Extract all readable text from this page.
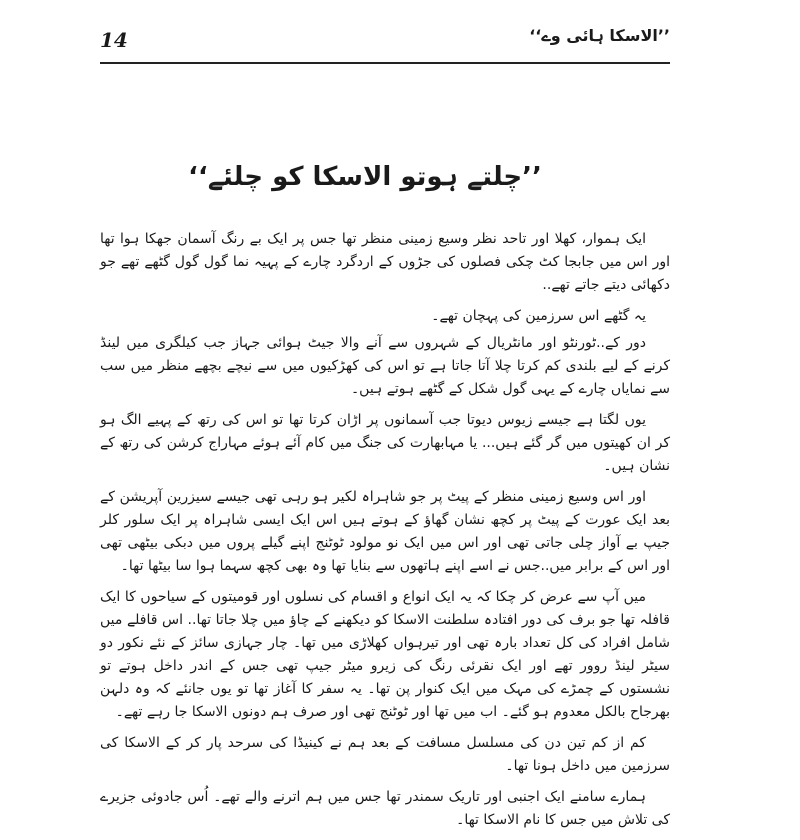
14	’’الاسکا ہائی وے‘‘
’’چلتے ہوتو الاسکا کو چلئے‘‘

ایک ہموار، کھلا اور تاحد نظر وسیع زمینی منظر تھا جس پر ایک بے رنگ آسمان جھکا ہوا تھا اور اس میں جابجا کٹ چکی فصلوں کی جڑوں کے اردگرد چارے کے پہیہ نما گول گول گٹھے تھے جو دکھائی دیتے جاتے تھے..

یہ گٹھے اس سرزمین کی پہچان تھے۔

دور کے..ٹورنٹو اور مانٹریال کے شہروں سے آنے والا جیٹ ہوائی جہاز جب کیلگری میں لینڈ کرنے کے لیے بلندی کم کرتا چلا آتا جاتا ہے تو اس کی کھڑکیوں میں سے نیچے بچھے منظر میں سب سے نمایاں چارے کے یہی گول شکل کے گٹھے ہوتے ہیں۔

یوں لگتا ہے جیسے زیوس دیوتا جب آسمانوں پر اڑان کرتا تھا تو اس کی رتھ کے پہیے الگ ہو کر ان کھیتوں میں گر گئے ہیں... یا مہابھارت کی جنگ میں کام آئے ہوئے مہاراج کرشن کی رتھ کے نشان ہیں۔

اور اس وسیع زمینی منظر کے پیٹ پر جو شاہراہ لکیر ہو رہی تھی جیسے سیزرین آپریشن کے بعد ایک عورت کے پیٹ پر کچھ نشان گھاؤ کے ہوتے ہیں اس ایک ایسی شاہراہ پر ایک سلور کلر جیپ بے آواز چلی جاتی تھی اور اس میں ایک نو مولود ٹوٹنج اپنے گیلے پروں میں دبکی بیٹھی تھی اور اس کے برابر میں..جس نے اسے اپنے ہاتھوں سے بنایا تھا وہ بھی کچھ سہما ہوا سا بیٹھا تھا۔

میں آپ سے عرض کر چکا کہ یہ ایک انواع و اقسام کی نسلوں اور قومیتوں کے سیاحوں کا ایک قافلہ تھا جو برف کی دور افتادہ سلطنت الاسکا کو دیکھنے کے چاؤ میں چلا جاتا تھا.. اس قافلے میں شامل افراد کی کل تعداد بارہ تھی اور تیرہواں کھلاڑی میں تھا۔ چار جہازی سائز کے نئے نکور دو سیٹر لینڈ روور تھے اور ایک نقرئی رنگ کی زیرو میٹر جیپ تھی جس کے اندر داخل ہوتے تو نشستوں کے چمڑے کی مہک میں ایک کنوار پن تھا۔ یہ سفر کا آغاز تھا تو یوں جانئے کہ وہ دلہن بھرجاح بالکل معدوم ہو گئے۔ اب میں تھا اور ٹوٹنج تھی اور صرف ہم دونوں الاسکا جا رہے تھے۔

کم از کم تین دن کی مسلسل مسافت کے بعد ہم نے کینیڈا کی سرحد پار کر کے الاسکا کی سرزمین میں داخل ہونا تھا۔

ہمارے سامنے ایک اجنبی اور تاریک سمندر تھا جس میں ہم اترنے والے تھے۔ اُس جادوئی جزیرے کی تلاش میں جس کا نام الاسکا تھا۔
